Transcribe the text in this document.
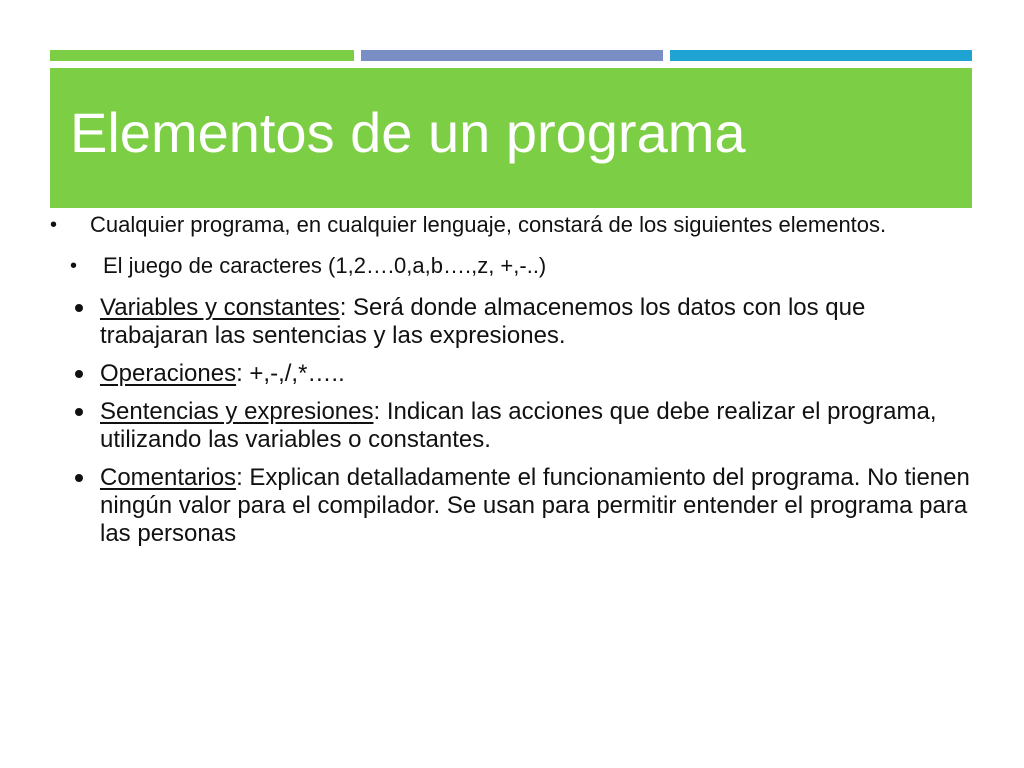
Elementos de un programa
• Cualquier programa, en cualquier lenguaje, constará de los siguientes elementos.
• El juego de caracteres (1,2….0,a,b….,z, +,-..)
Variables y constantes: Será donde almacenemos los datos con los que trabajaran las sentencias y las expresiones.
Operaciones: +,-,/,*…..
Sentencias y expresiones: Indican las acciones que debe realizar el programa, utilizando las variables o constantes.
Comentarios: Explican detalladamente el funcionamiento del programa. No tienen ningún valor para el compilador. Se usan para permitir entender el programa para las personas
